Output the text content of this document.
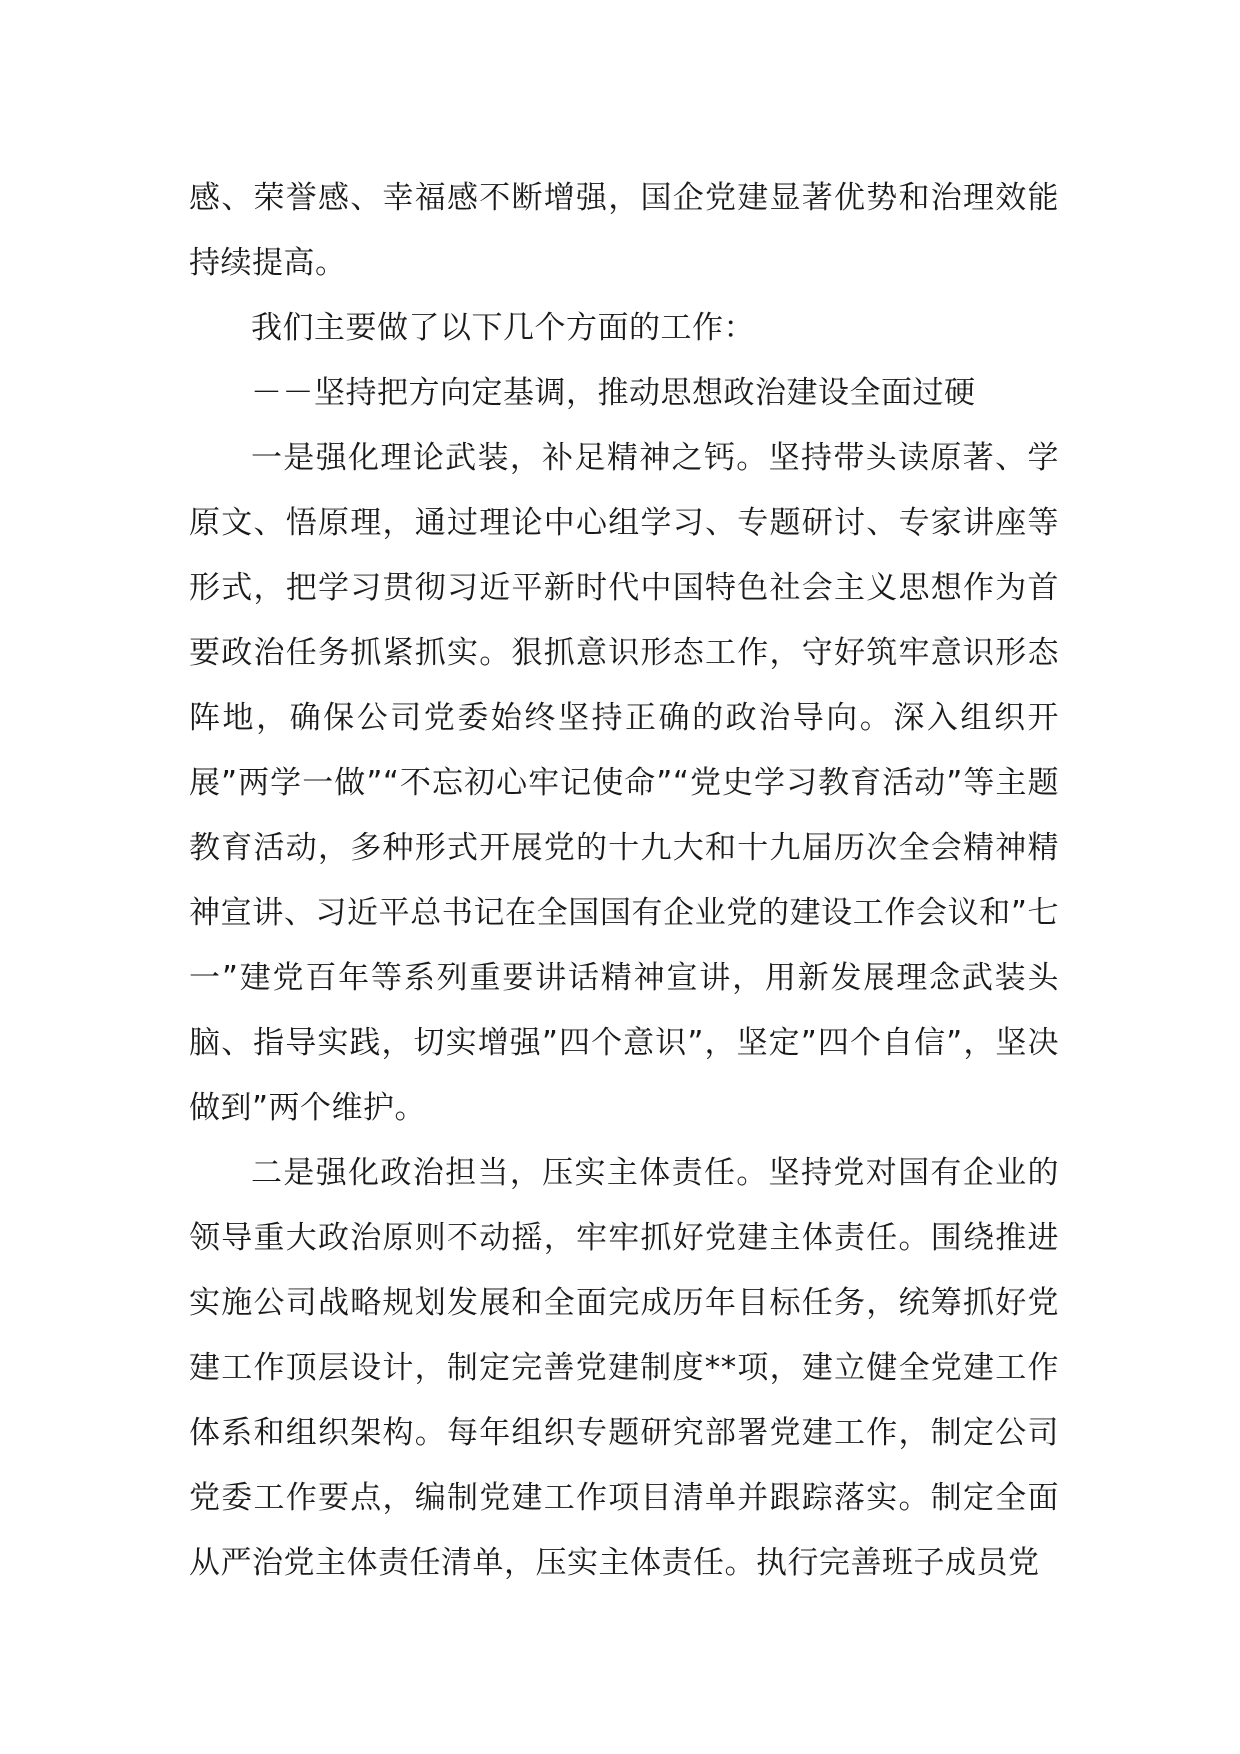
感、荣誉感、幸福感不断增强，国企党建显著优势和治理效能持续提高。

我们主要做了以下几个方面的工作：

－－坚持把方向定基调，推动思想政治建设全面过硬

一是强化理论武装，补足精神之钙。坚持带头读原著、学原文、悟原理，通过理论中心组学习、专题研讨、专家讲座等形式，把学习贯彻习近平新时代中国特色社会主义思想作为首要政治任务抓紧抓实。狠抓意识形态工作，守好筑牢意识形态阵地，确保公司党委始终坚持正确的政治导向。深入组织开展”两学一做”“不忘初心牢记使命”“党史学习教育活动”等主题教育活动，多种形式开展党的十九大和十九届历次全会精神精神宣讲、习近平总书记在全国国有企业党的建设工作会议和”七一”建党百年等系列重要讲话精神宣讲，用新发展理念武装头脑、指导实践，切实增强”四个意识”，坚定”四个自信”，坚决做到”两个维护。

二是强化政治担当，压实主体责任。坚持党对国有企业的领导重大政治原则不动摇，牢牢抓好党建主体责任。围绕推进实施公司战略规划发展和全面完成历年目标任务，统筹抓好党建工作顶层设计，制定完善党建制度**项，建立健全党建工作体系和组织架构。每年组织专题研究部署党建工作，制定公司党委工作要点，编制党建工作项目清单并跟踪落实。制定全面从严治党主体责任清单，压实主体责任。执行完善班子成员党
